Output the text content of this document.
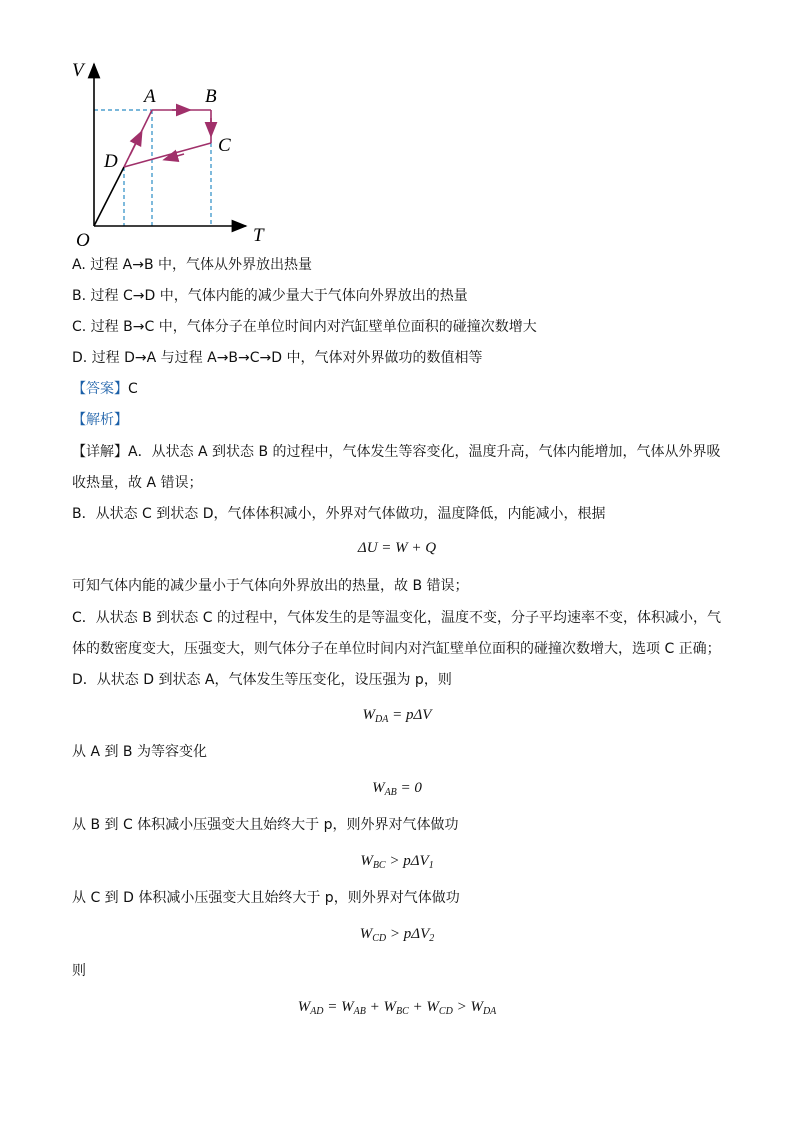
V
T
O
A	B
C
D
A. 过程 A→B 中，气体从外界放出热量
B. 过程 C→D 中，气体内能的减少量大于气体向外界放出的热量
C. 过程 B→C 中，气体分子在单位时间内对汽缸壁单位面积的碰撞次数增大
D. 过程 D→A 与过程 A→B→C→D 中，气体对外界做功的数值相等
【答案】C
【解析】
【详解】A．从状态 A 到状态 B 的过程中，气体发生等容变化，温度升高，气体内能增加，气体从外界吸
收热量，故 A 错误；
B．从状态 C 到状态 D，气体体积减小，外界对气体做功，温度降低，内能减小，根据
ΔU = W + Q
可知气体内能的减少量小于气体向外界放出的热量，故 B 错误；
C．从状态 B 到状态 C 的过程中，气体发生的是等温变化，温度不变，分子平均速率不变，体积减小，气
体的数密度变大，压强变大，则气体分子在单位时间内对汽缸壁单位面积的碰撞次数增大，选项 C 正确；
D．从状态 D 到状态 A，气体发生等压变化，设压强为 p，则
$W_{DA} = p\Delta V$
从 A 到 B 为等容变化
$W_{AB} = 0$
从 B 到 C 体积减小压强变大且始终大于 p，则外界对气体做功
$W_{BC} > p\Delta V_1$
从 C 到 D 体积减小压强变大且始终大于 p，则外界对气体做功
$W_{CD} > p\Delta V_2$
则
$W_{AD} = W_{AB} + W_{BC} + W_{CD} > W_{DA}$
